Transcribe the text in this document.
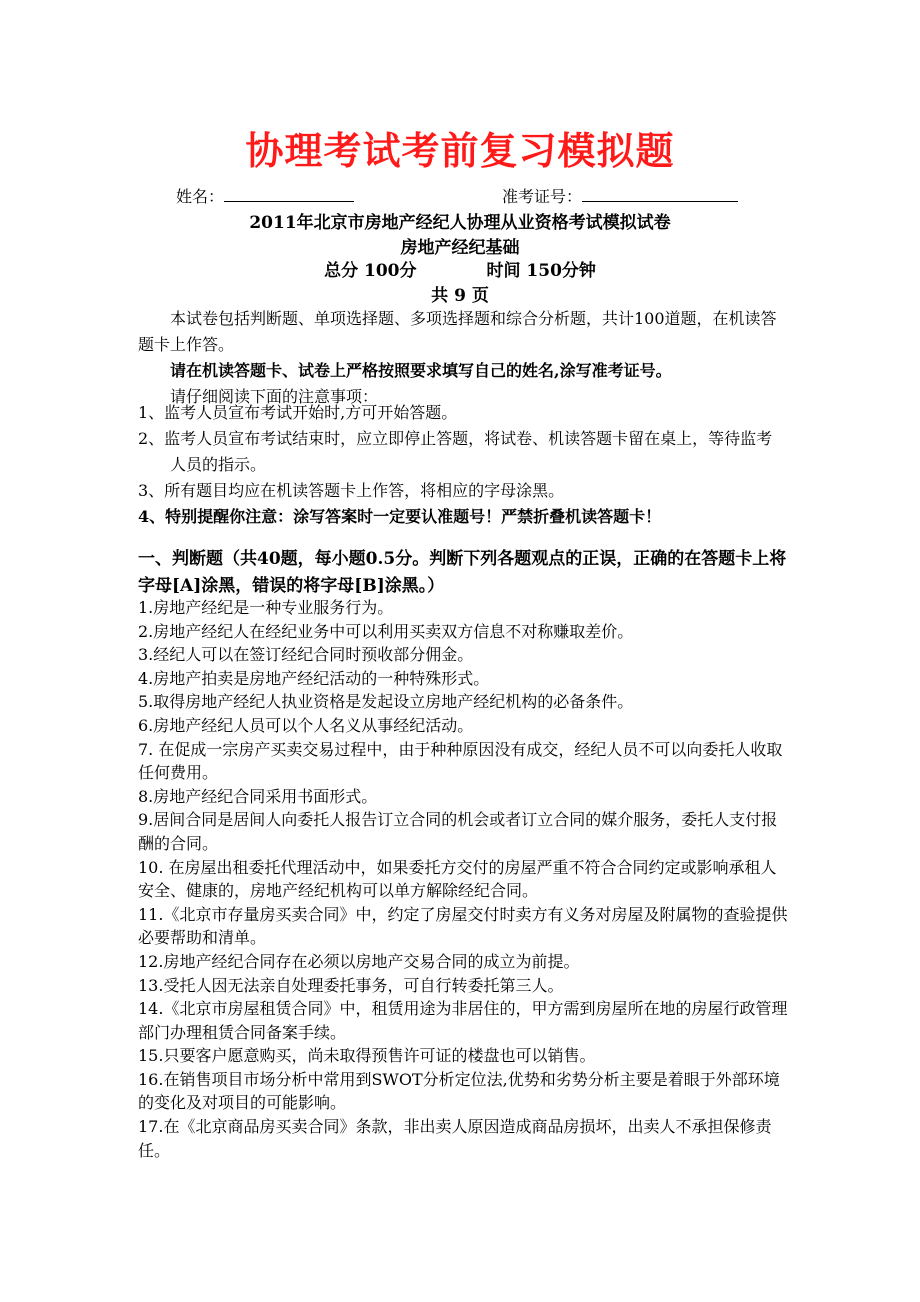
协理考试考前复习模拟题
姓名：	准考证号：
2011年北京市房地产经纪人协理从业资格考试模拟试卷
房地产经纪基础
总分 100分	时间 150分钟
共 9 页
本试卷包括判断题、单项选择题、多项选择题和综合分析题，共计100道题，在机读答题卡上作答。
请在机读答题卡、试卷上严格按照要求填写自己的姓名,涂写准考证号。
请仔细阅读下面的注意事项：
1、监考人员宣布考试开始时,方可开始答题。
2、监考人员宣布考试结束时，应立即停止答题，将试卷、机读答题卡留在桌上，等待监考人员的指示。
3、所有题目均应在机读答题卡上作答，将相应的字母涂黑。
4、特别提醒你注意：涂写答案时一定要认准题号！严禁折叠机读答题卡！
一、判断题（共40题，每小题0.5分。判断下列各题观点的正误，正确的在答题卡上将字母[A]涂黑，错误的将字母[B]涂黑。）

1.房地产经纪是一种专业服务行为。

2.房地产经纪人在经纪业务中可以利用买卖双方信息不对称赚取差价。

3.经纪人可以在签订经纪合同时预收部分佣金。

4.房地产拍卖是房地产经纪活动的一种特殊形式。

5.取得房地产经纪人执业资格是发起设立房地产经纪机构的必备条件。

6.房地产经纪人员可以个人名义从事经纪活动。

7. 在促成一宗房产买卖交易过程中，由于种种原因没有成交，经纪人员不可以向委托人收取任何费用。

8.房地产经纪合同采用书面形式。

9.居间合同是居间人向委托人报告订立合同的机会或者订立合同的媒介服务，委托人支付报酬的合同。

10. 在房屋出租委托代理活动中，如果委托方交付的房屋严重不符合合同约定或影响承租人安全、健康的，房地产经纪机构可以单方解除经纪合同。

11.《北京市存量房买卖合同》中，约定了房屋交付时卖方有义务对房屋及附属物的查验提供必要帮助和清单。

12.房地产经纪合同存在必须以房地产交易合同的成立为前提。

13.受托人因无法亲自处理委托事务，可自行转委托第三人。

14.《北京市房屋租赁合同》中，租赁用途为非居住的，甲方需到房屋所在地的房屋行政管理部门办理租赁合同备案手续。

15.只要客户愿意购买，尚未取得预售许可证的楼盘也可以销售。

16.在销售项目市场分析中常用到SWOT分析定位法,优势和劣势分析主要是着眼于外部环境的变化及对项目的可能影响。

17.在《北京商品房买卖合同》条款，非出卖人原因造成商品房损坏，出卖人不承担保修责任。
